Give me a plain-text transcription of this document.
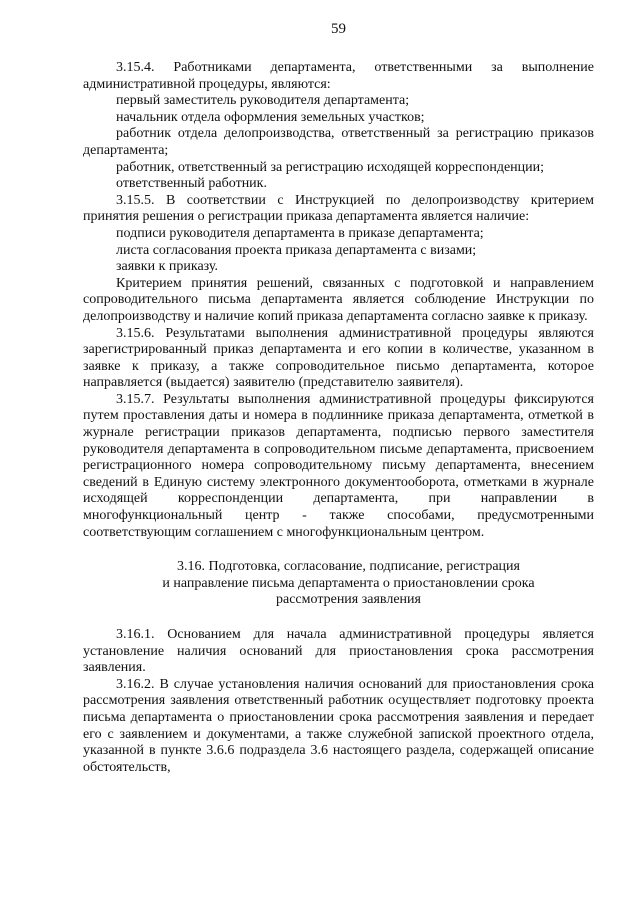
59

3.15.4. Работниками департамента, ответственными за выполнение административной процедуры, являются:

первый заместитель руководителя департамента;

начальник отдела оформления земельных участков;

работник отдела делопроизводства, ответственный за регистрацию приказов департамента;

работник, ответственный за регистрацию исходящей корреспонденции;

ответственный работник.

3.15.5. В соответствии с Инструкцией по делопроизводству критерием принятия решения о регистрации приказа департамента является наличие:

подписи руководителя департамента в приказе департамента;

листа согласования проекта приказа департамента с визами;

заявки к приказу.

Критерием принятия решений, связанных с подготовкой и направлением сопроводительного письма департамента является соблюдение Инструкции по делопроизводству и наличие копий приказа департамента согласно заявке к приказу.

3.15.6. Результатами выполнения административной процедуры являются зарегистрированный приказ департамента и его копии в количестве, указанном в заявке к приказу, а также сопроводительное письмо департамента, которое направляется (выдается) заявителю (представителю заявителя).

3.15.7. Результаты выполнения административной процедуры фиксируются путем проставления даты и номера в подлиннике приказа департамента, отметкой в журнале регистрации приказов департамента, подписью первого заместителя руководителя департамента в сопроводительном письме департамента, присвоением регистрационного номера сопроводительному письму департамента, внесением сведений в Единую систему электронного документооборота, отметками в журнале исходящей корреспонденции департамента, при направлении в многофункциональный центр - также способами, предусмотренными соответствующим соглашением с многофункциональным центром.

3.16. Подготовка, согласование, подписание, регистрация
и направление письма департамента о приостановлении срока
рассмотрения заявления

3.16.1. Основанием для начала административной процедуры является установление наличия оснований для приостановления срока рассмотрения заявления.

3.16.2. В случае установления наличия оснований для приостановления срока рассмотрения заявления ответственный работник осуществляет подготовку проекта письма департамента о приостановлении срока рассмотрения заявления и передает его с заявлением и документами, а также служебной запиской проектного отдела, указанной в пункте 3.6.6 подраздела 3.6 настоящего раздела, содержащей описание обстоятельств,
